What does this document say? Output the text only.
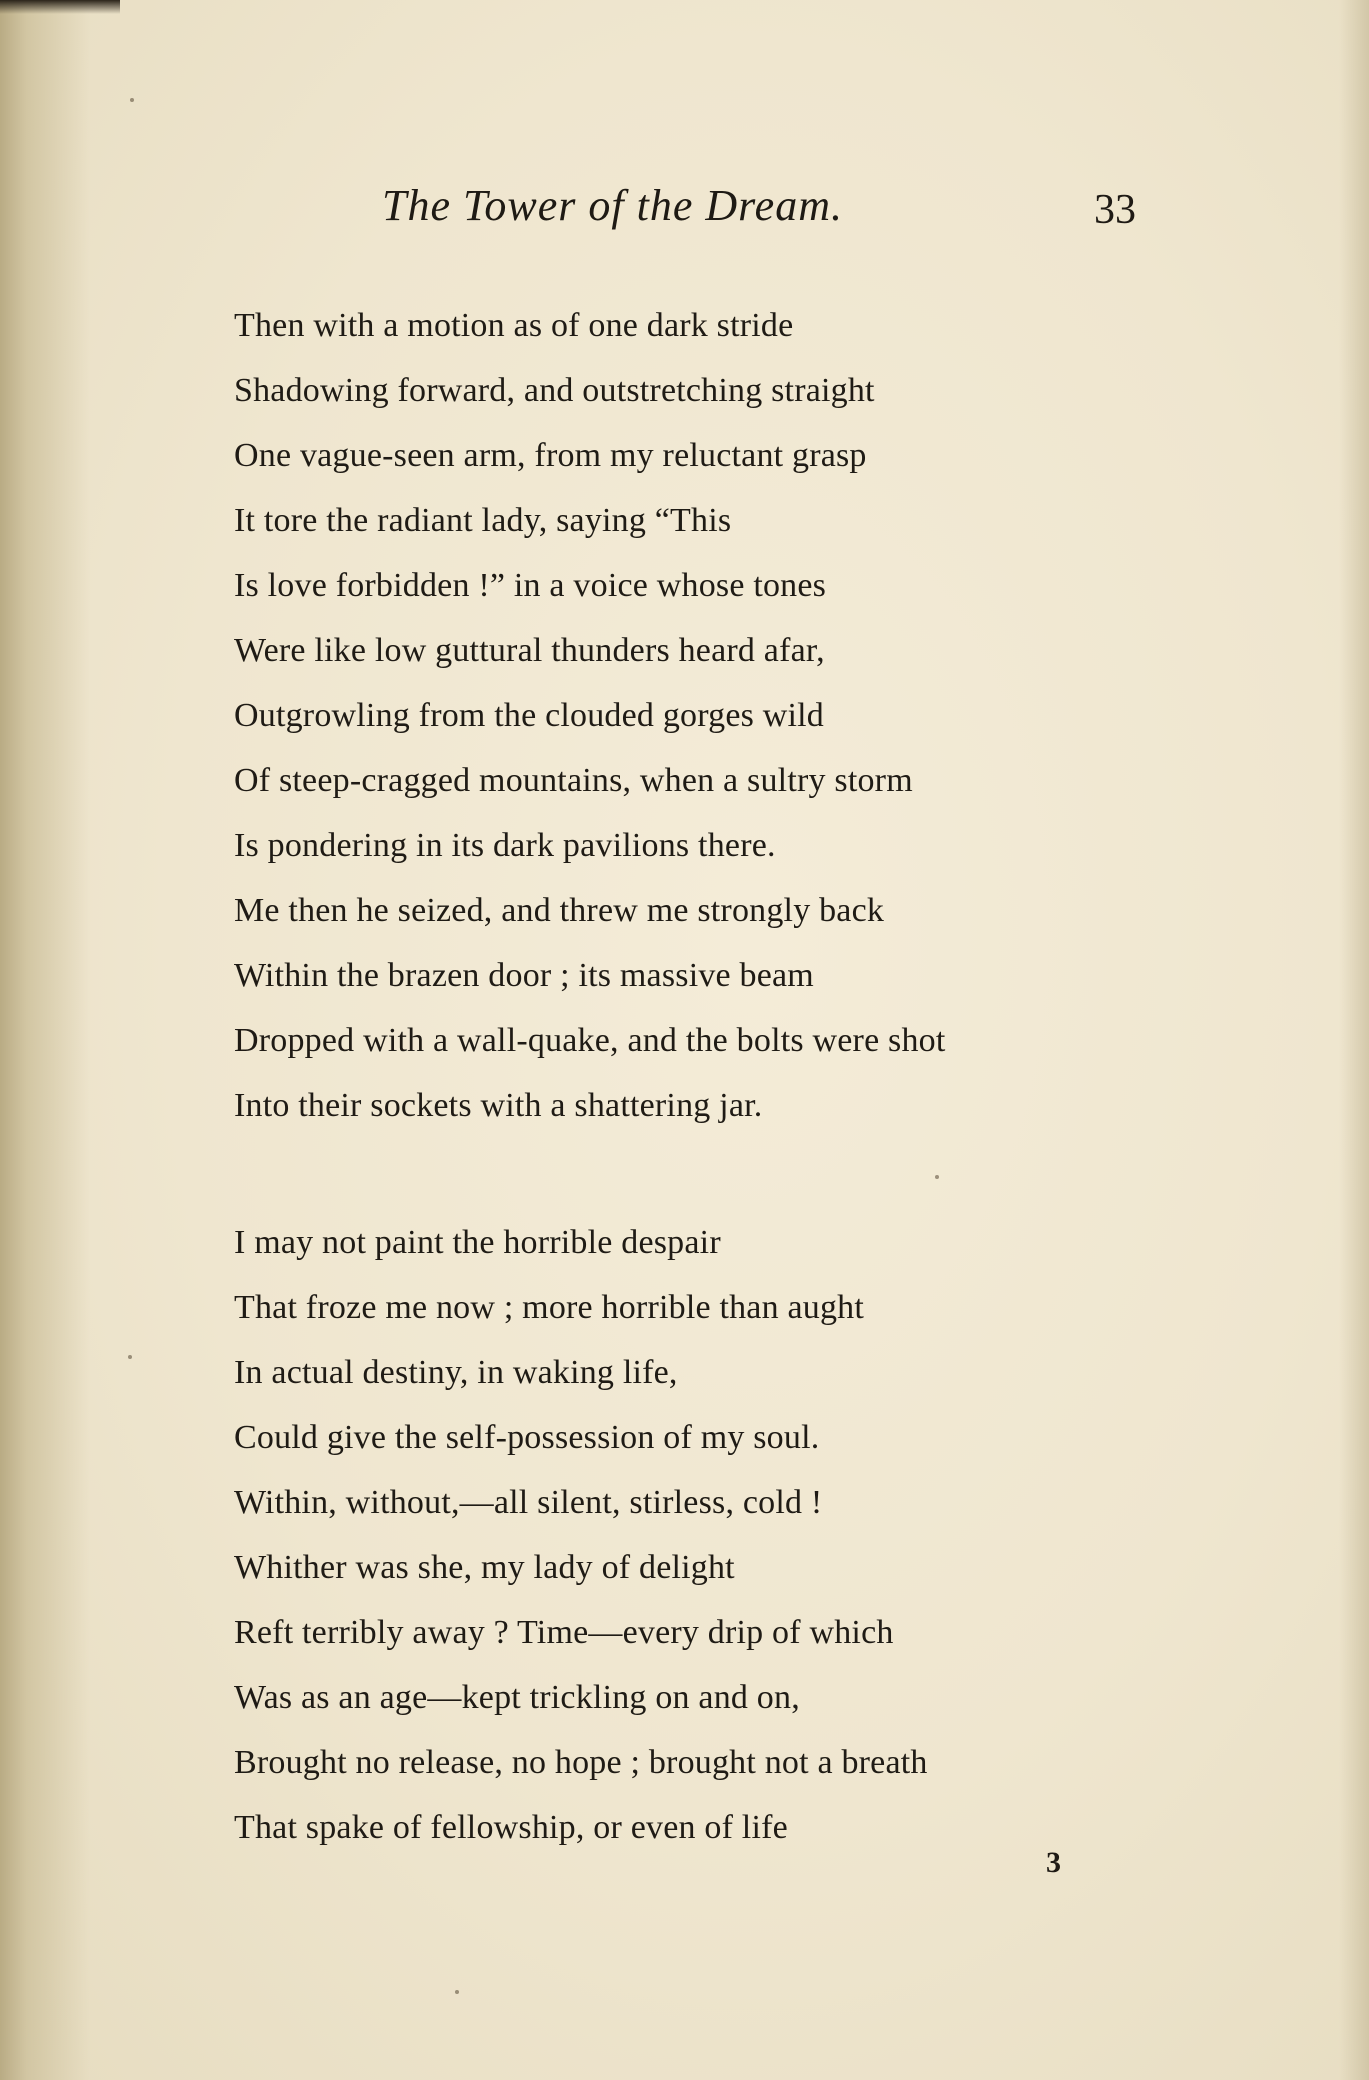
The Tower of the Dream.	33
Then with a motion as of one dark stride
Shadowing forward, and outstretching straight
One vague-seen arm, from my reluctant grasp
It tore the radiant lady, saying “This
Is love forbidden !” in a voice whose tones
Were like low guttural thunders heard afar,
Outgrowling from the clouded gorges wild
Of steep-cragged mountains, when a sultry storm
Is pondering in its dark pavilions there.
Me then he seized, and threw me strongly back
Within the brazen door ; its massive beam
Dropped with a wall-quake, and the bolts were shot
Into their sockets with a shattering jar.
I may not paint the horrible despair
That froze me now ; more horrible than aught
In actual destiny, in waking life,
Could give the self-possession of my soul.
Within, without,—all silent, stirless, cold !
Whither was she, my lady of delight
Reft terribly away ? Time—every drip of which
Was as an age—kept trickling on and on,
Brought no release, no hope ; brought not a breath
That spake of fellowship, or even of life
3
